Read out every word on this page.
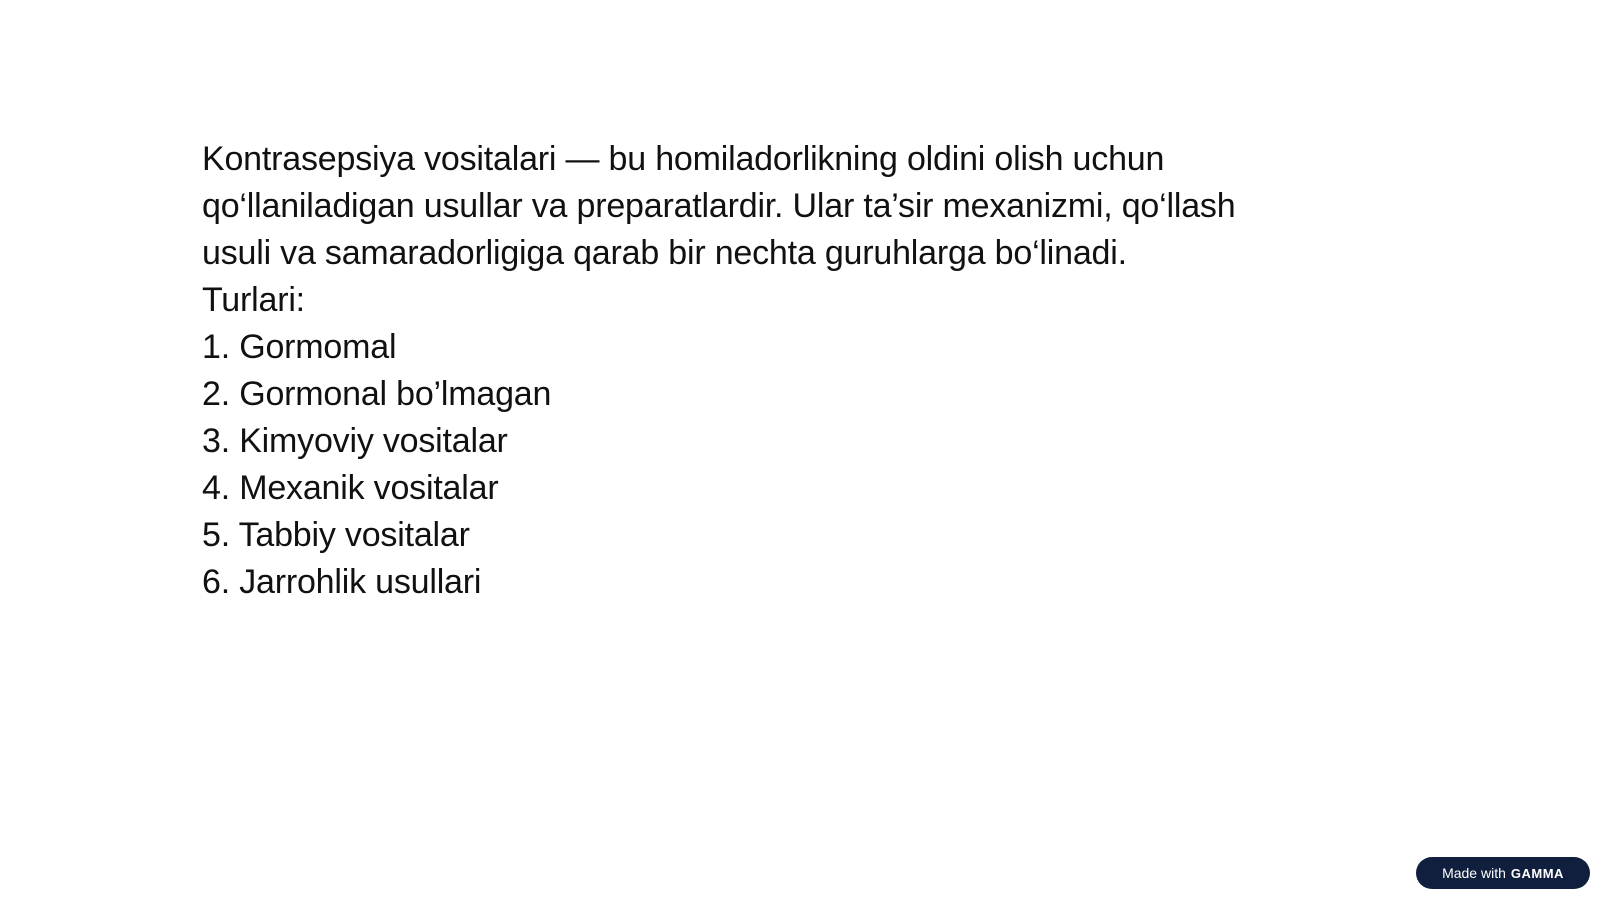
Kontrasepsiya vositalari — bu homiladorlikning oldini olish uchun qo‘llaniladigan usullar va preparatlardir. Ular ta’sir mexanizmi, qo‘llash usuli va samaradorligiga qarab bir nechta guruhlarga bo‘linadi.

Turlari:

1. Gormomal
2. Gormonal bo’lmagan
3. Kimyoviy vositalar
4. Mexanik vositalar
5. Tabbiy vositalar
6. Jarrohlik usullari
Made with GAMMA
